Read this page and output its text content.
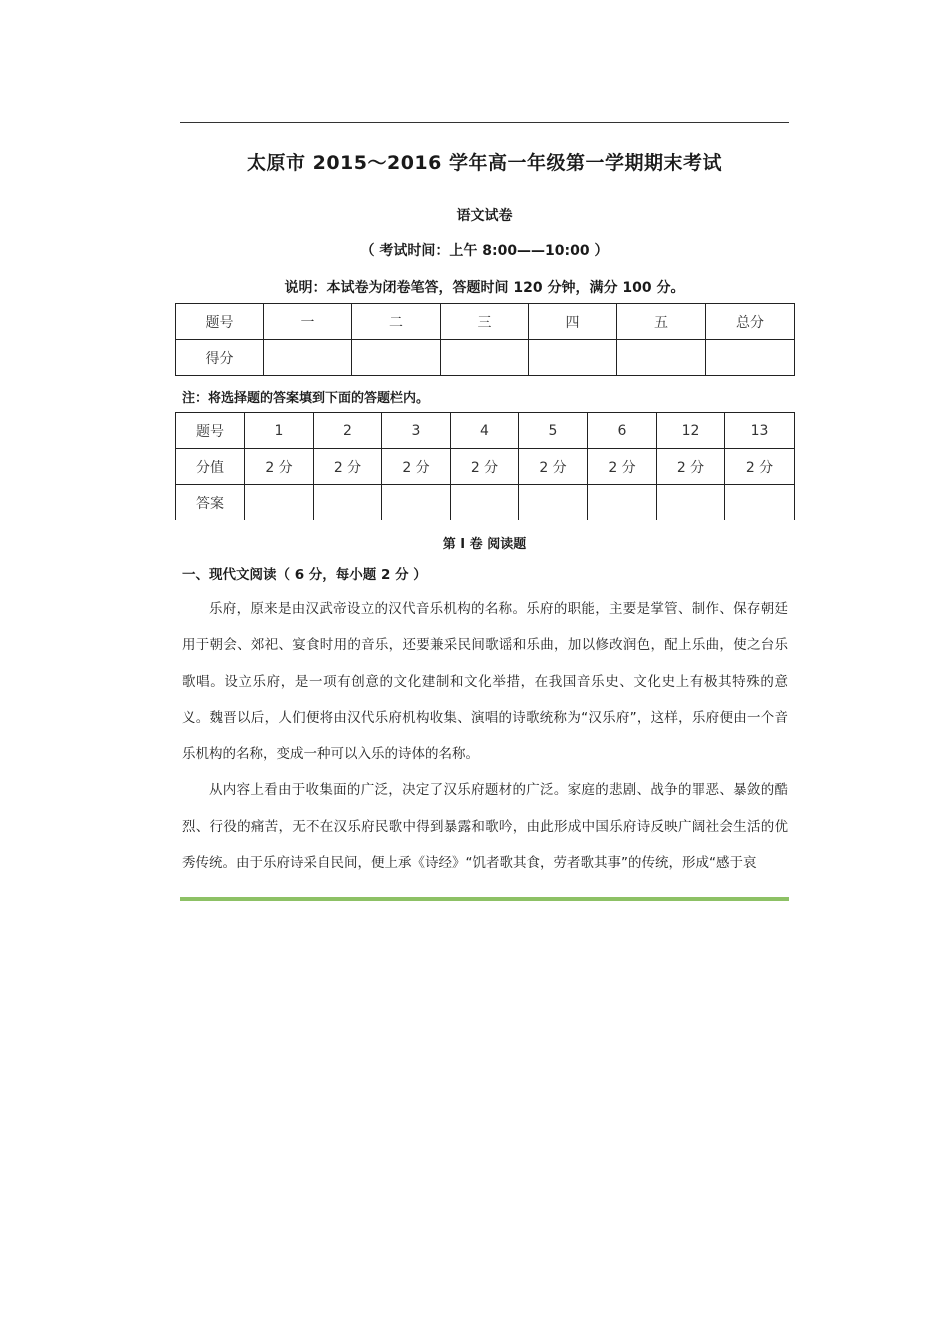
太原市 2015～2016 学年高一年级第一学期期末考试
语文试卷
（ 考试时间：上午 8:00——10:00 ）
说明：本试卷为闭卷笔答，答题时间 120 分钟，满分 100 分。
题号	一	二	三	四	五	总分
得分						
注：将选择题的答案填到下面的答题栏内。
题号	1	2	3	4	5	6	12	13
分值	2 分	2 分	2 分	2 分	2 分	2 分	2 分	2 分
答案								
第 I 卷 阅读题
一、现代文阅读（ 6 分，每小题 2 分 ）

乐府，原来是由汉武帝设立的汉代音乐机构的名称。乐府的职能，主要是掌管、制作、保存朝廷用于朝会、郊祀、宴食时用的音乐，还要兼采民间歌谣和乐曲，加以修改润色，配上乐曲，使之台乐歌唱。设立乐府，是一项有创意的文化建制和文化举措，在我国音乐史、文化史上有极其特殊的意义。魏晋以后，人们便将由汉代乐府机构收集、演唱的诗歌统称为“汉乐府”，这样，乐府便由一个音乐机构的名称，变成一种可以入乐的诗体的名称。

从内容上看由于收集面的广泛，决定了汉乐府题材的广泛。家庭的悲剧、战争的罪恶、暴敛的酷烈、行役的痛苦，无不在汉乐府民歌中得到暴露和歌吟，由此形成中国乐府诗反映广阔社会生活的优秀传统。由于乐府诗采自民间，便上承《诗经》“饥者歌其食，劳者歌其事”的传统，形成“感于哀
